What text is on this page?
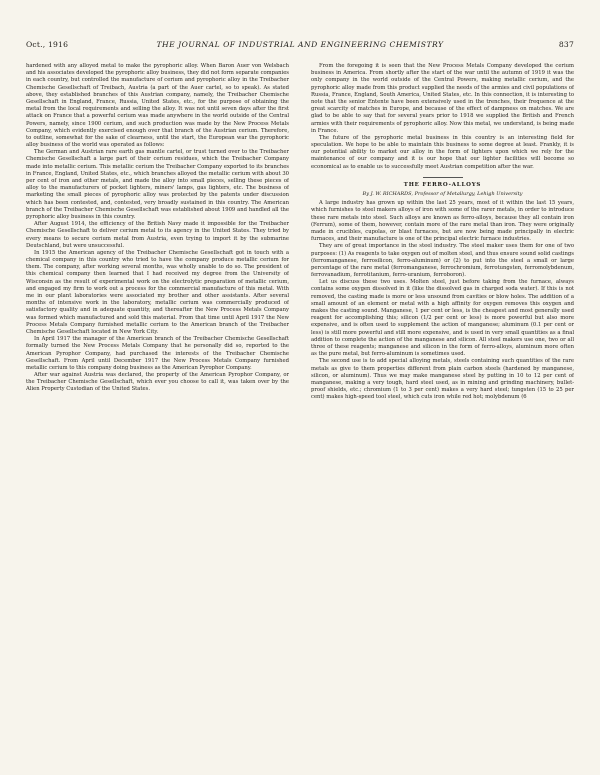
Oct., 1916	THE JOURNAL OF INDUSTRIAL AND ENGINEERING CHEMISTRY	837

hardened with any alloyed metal to make the pyrophoric alloy. When Baron Auer von Welsbach and his associates developed the pyrophoric alloy business, they did not form separate companies in each country, but controlled the manufacture of cerium and pyrophoric alloy in the Treibacher Chemische Gesellschaft of Treibach, Austria (a part of the Auer cartel, so to speak). As stated above, they established branches of this Austrian company, namely, the Treibacher Chemische Gesellschaft in England, France, Russia, United States, etc., for the purpose of obtaining the metal from the local requirements and selling the alloy. It was not until seven days after the first attack on France that a powerful cerium was made anywhere in the world outside of the Central Powers, namely, since 1900 cerium, and such production was made by the New Process Metals Company, which evidently exercised enough over that branch of the Austrian cerium. Therefore, to outline, somewhat for the sake of clearness, until the start, the European war the pyrophoric alloy business of the world was operated as follows:

The German and Austrian rare earth gas mantle cartel, or trust turned over to the Treibacher Chemische Gesellschaft a large part of their cerium residues, which the Treibacher Company made into metallic cerium. This metallic cerium the Treibacher Company exported to its branches in France, England, United States, etc., which branches alloyed the metallic cerium with about 30 per cent of iron and other metals, and made the alloy into small pieces, selling these pieces of alloy to the manufacturers of pocket lighters, miners' lamps, gas lighters, etc. The business of marketing the small pieces of pyrophoric alloy was protected by the patents under discussion which has been contested, and, contested, very broadly sustained in this country. The American branch of the Treibacher Chemische Gesellschaft was established about 1909 and handled all the pyrophoric alloy business in this country.

After August 1914, the efficiency of the British Navy made it impossible for the Treibacher Chemische Gesellschaft to deliver cerium metal to its agency in the United States. They tried by every means to secure cerium metal from Austria, even trying to import it by the submarine Deutschland, but were unsuccessful.

In 1915 the American agency of the Treibacher Chemische Gesellschaft got in touch with a chemical company in this country who tried to have the company produce metallic cerium for them. The company, after working several months, was wholly unable to do so. The president of this chemical company then learned that I had received my degree from the University of Wisconsin as the result of experimental work on the electrolytic preparation of metallic cerium, and engaged my firm to work out a process for the commercial manufacture of this metal. With me in our plant laboratories were associated my brother and other assistants. After several months of intensive work in the laboratory, metallic cerium was commercially produced of satisfactory quality and in adequate quantity, and thereafter the New Process Metals Company was formed which manufactured and sold this material. From that time until April 1917 the New Process Metals Company furnished metallic cerium to the American branch of the Treibacher Chemische Gesellschaft located in New York City.

In April 1917 the manager of the American branch of the Treibacher Chemische Gesellschaft formally turned the New Process Metals Company that he personally did so, reported to the American Pyrophor Company, had purchased the interests of the Treibacher Chemische Gesellschaft. From April until December 1917 the New Process Metals Company furnished metallic cerium to this company doing business as the American Pyrophor Company.

After war against Austria was declared, the property of the American Pyrophor Company, or the Treibacher Chemische Gesellschaft, which ever you choose to call it, was taken over by the Alien Property Custodian of the United States.

From the foregoing it is seen that the New Process Metals Company developed the cerium business in America. From shortly after the start of the war until the autumn of 1919 it was the only company in the world outside of the Central Powers, making metallic cerium, and the pyrophoric alloy made from this product supplied the needs of the armies and civil populations of Russia, France, England, South America, United States, etc. In this connection, it is interesting to note that the senior Entente have been extensively used in the trenches, their frequence at the great scarcity of matches in Europe, and because of the effect of dampness on matches. We are glad to be able to say that for several years prior to 1918 we supplied the British and French armies with their requirements of pyrophoric alloy. Now this metal, we understand, is being made in France.

The future of the pyrophoric metal business in this country is an interesting field for speculation. We hope to be able to maintain this business to some degree at least. Frankly, it is our potential ability to market our alloy in the form of lighters upon which we rely for the maintenance of our company and it is our hope that our lighter facilities will become so economical as to enable us to successfully meet Austrian competition after the war.

THE FERRO-ALLOYS
By J. W. RICHARDS, Professor of Metallurgy, Lehigh University

A large industry has grown up within the last 25 years, most of it within the last 15 years, which furnishes to steel makers alloys of iron with some of the rarer metals, in order to introduce these rare metals into steel. Such alloys are known as ferro-alloys, because they all contain iron (Ferrum), some of them, however, contain more of the rare metal than iron. They were originally made in crucibles, cupolas, or blast furnaces, but are now being made principally in electric furnaces, and their manufacture is one of the principal electric furnace industries.

They are of great importance in the steel industry. The steel maker uses them for one of two purposes: (1) As reagents to take oxygen out of molten steel, and thus ensure sound solid castings (ferromanganese, ferrosilicon, ferro-aluminum) or (2) to put into the steel a small or large percentage of the rare metal (ferromanganese, ferrochromium, ferrotungsten, ferromolybdenum, ferrovanadium, ferrotitanium, ferro-uranium, ferroboron).

Let us discuss these two uses. Molten steel, just before taking from the furnace, always contains some oxygen dissolved in it (like the dissolved gas in charged soda water). If this is not removed, the casting made is more or less unsound from cavities or blow holes. The addition of a small amount of an element or metal with a high affinity for oxygen removes this oxygen and makes the casting sound. Manganese, 1 per cent or less, is the cheapest and most generally used reagent for accomplishing this; silicon (1/2 per cent or less) is more powerful but also more expensive, and is often used to supplement the action of manganese; aluminum (0.1 per cent or less) is still more powerful and still more expensive, and is used in very small quantities as a final addition to complete the action of the manganese and silicon. All steel makers use one, two or all three of these reagents; manganese and silicon in the form of ferro-alloys, aluminum more often as the pure metal, but ferro-aluminum is sometimes used.

The second use is to add special alloying metals, steels containing such quantities of the rare metals as give to them properties different from plain carbon steels (hardened by manganese, silicon, or aluminum). Thus we may make manganese steel by putting in 10 to 12 per cent of manganese, making a very tough, hard steel used, as in mining and grinding machinery, bullet-proof shields, etc.; chromium (1 to 3 per cent) makes a very hard steel; tungsten (15 to 25 per cent) makes high-speed tool steel, which cuts iron while red hot; molybdenum (6
